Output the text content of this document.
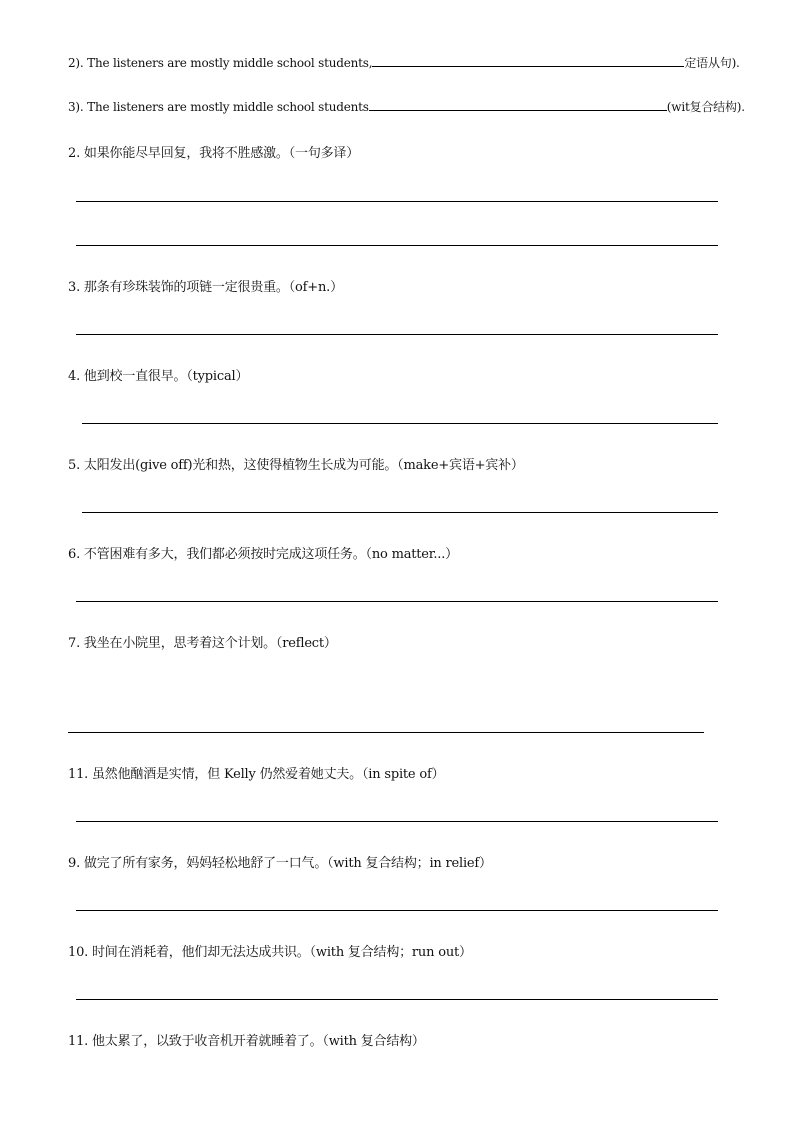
2). The listeners are mostly middle school students,	定语从句).
3). The listeners are mostly middle school students	(wit复合结构).
2. 如果你能尽早回复，我将不胜感激。（一句多译）
3. 那条有珍珠装饰的项链一定很贵重。（of+n.）
4. 他到校一直很早。（typical）
5. 太阳发出(give off)光和热，这使得植物生长成为可能。（make+宾语+宾补）
6. 不管困难有多大，我们都必须按时完成这项任务。（no matter...）
7. 我坐在小院里，思考着这个计划。（reflect）
11. 虽然他酗酒是实情，但 Kelly 仍然爱着她丈夫。（in spite of）
9. 做完了所有家务，妈妈轻松地舒了一口气。（with 复合结构；in relief）
10. 时间在消耗着，他们却无法达成共识。（with 复合结构；run out）
11. 他太累了，以致于收音机开着就睡着了。（with 复合结构）
